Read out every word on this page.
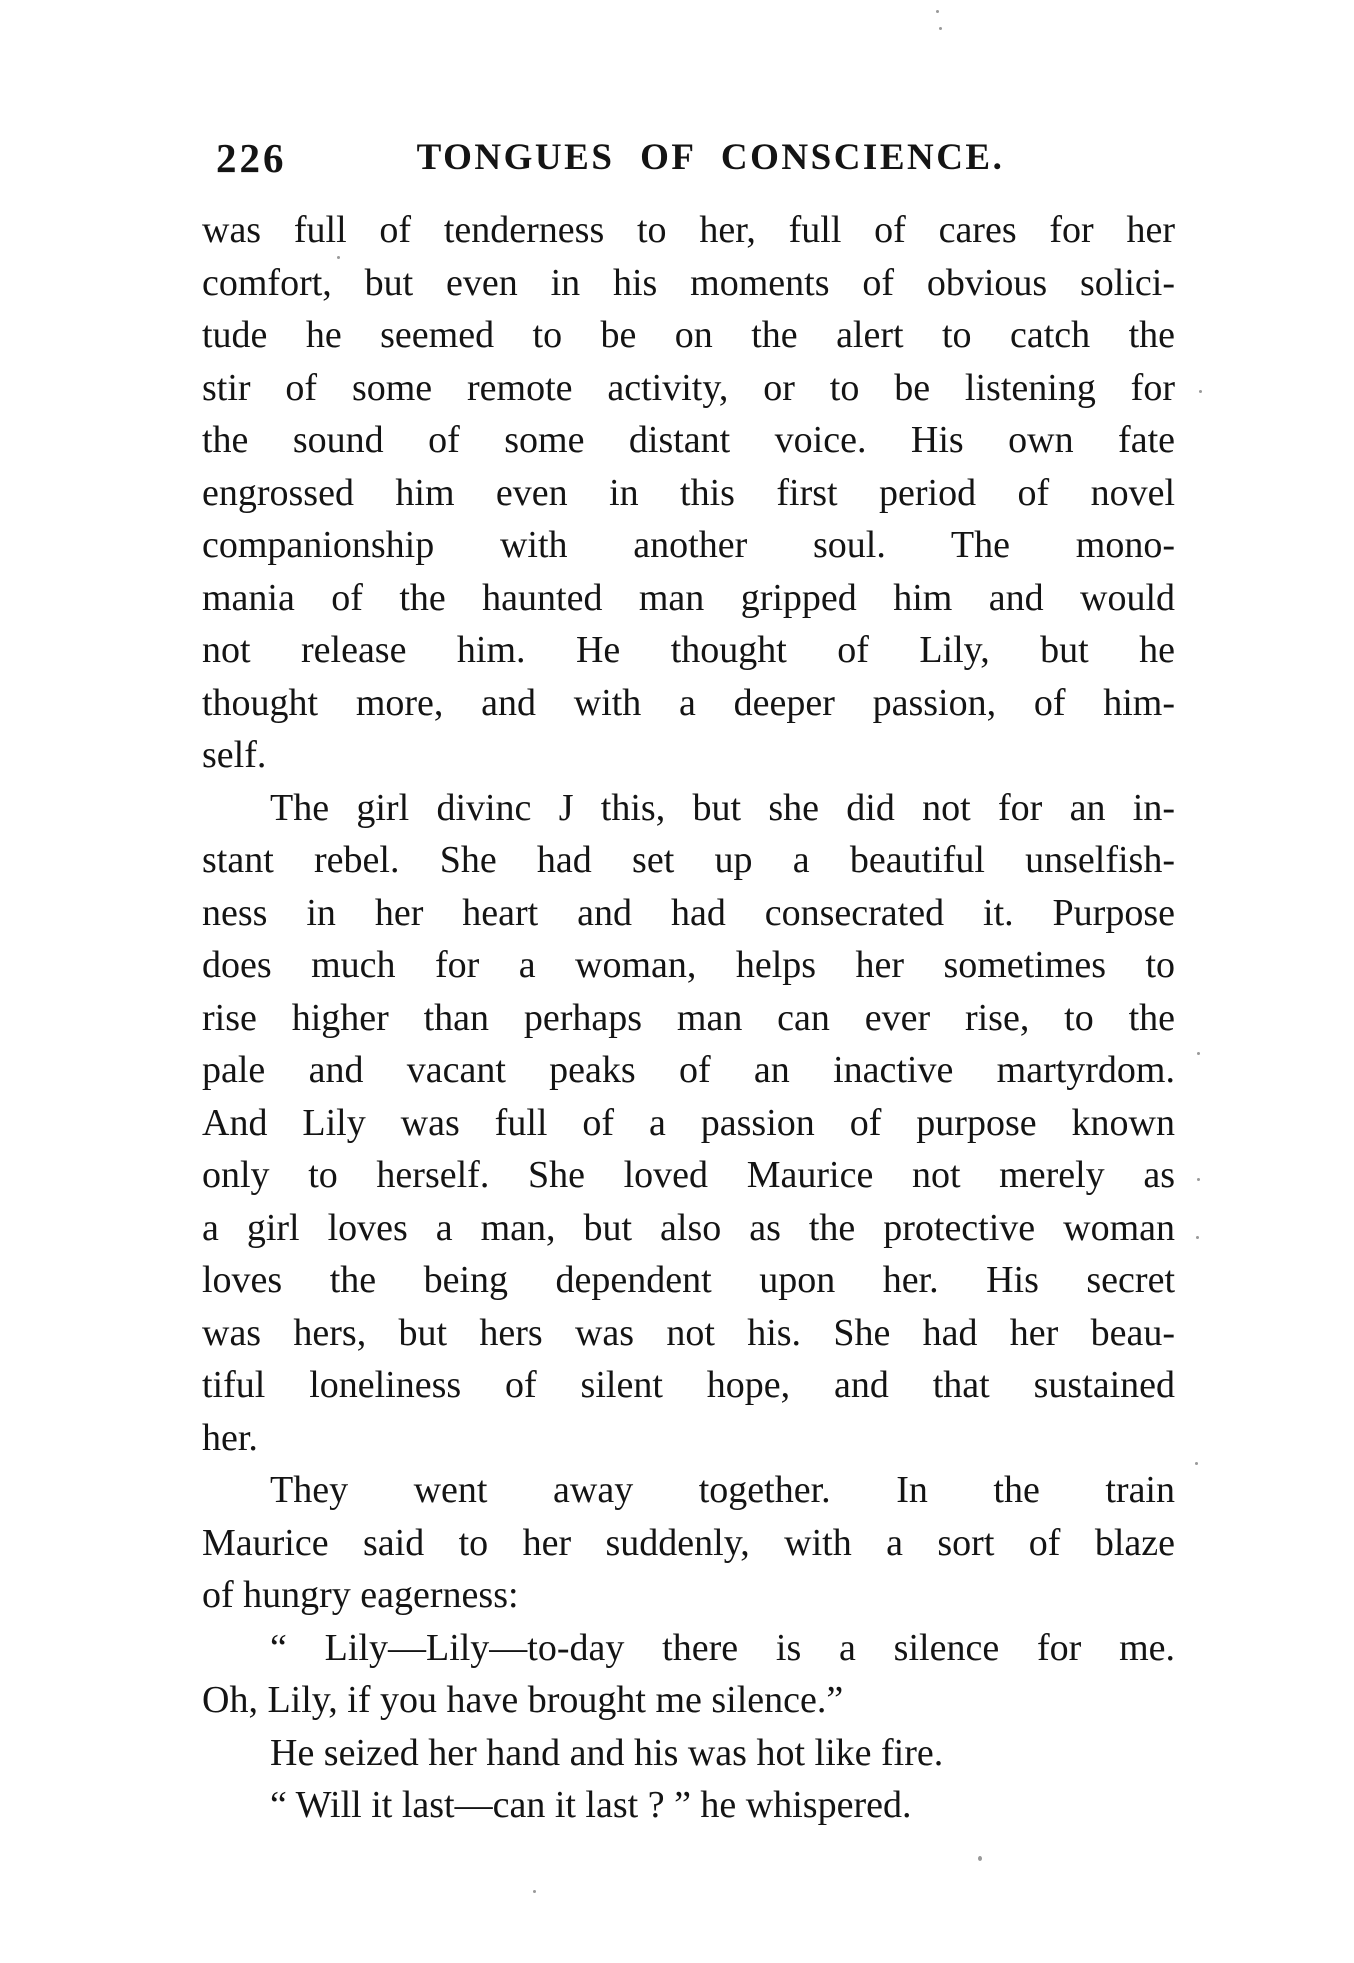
226	TONGUES OF CONSCIENCE.
was full of tenderness to her, full of cares for her
comfort, but even in his moments of obvious solici-
tude he seemed to be on the alert to catch the
stir of some remote activity, or to be listening for
the sound of some distant voice. His own fate
engrossed him even in this first period of novel
companionship with another soul. The mono-
mania of the haunted man gripped him and would
not release him. He thought of Lily, but he
thought more, and with a deeper passion, of him-
self.
The girl divinc J this, but she did not for an in-
stant rebel. She had set up a beautiful unselfish-
ness in her heart and had consecrated it. Purpose
does much for a woman, helps her sometimes to
rise higher than perhaps man can ever rise, to the
pale and vacant peaks of an inactive martyrdom.
And Lily was full of a passion of purpose known
only to herself. She loved Maurice not merely as
a girl loves a man, but also as the protective woman
loves the being dependent upon her. His secret
was hers, but hers was not his. She had her beau-
tiful loneliness of silent hope, and that sustained
her.
They went away together. In the train
Maurice said to her suddenly, with a sort of blaze
of hungry eagerness:
“ Lily—Lily—to-day there is a silence for me.
Oh, Lily, if you have brought me silence.”
He seized her hand and his was hot like fire.
“ Will it last—can it last ? ” he whispered.
